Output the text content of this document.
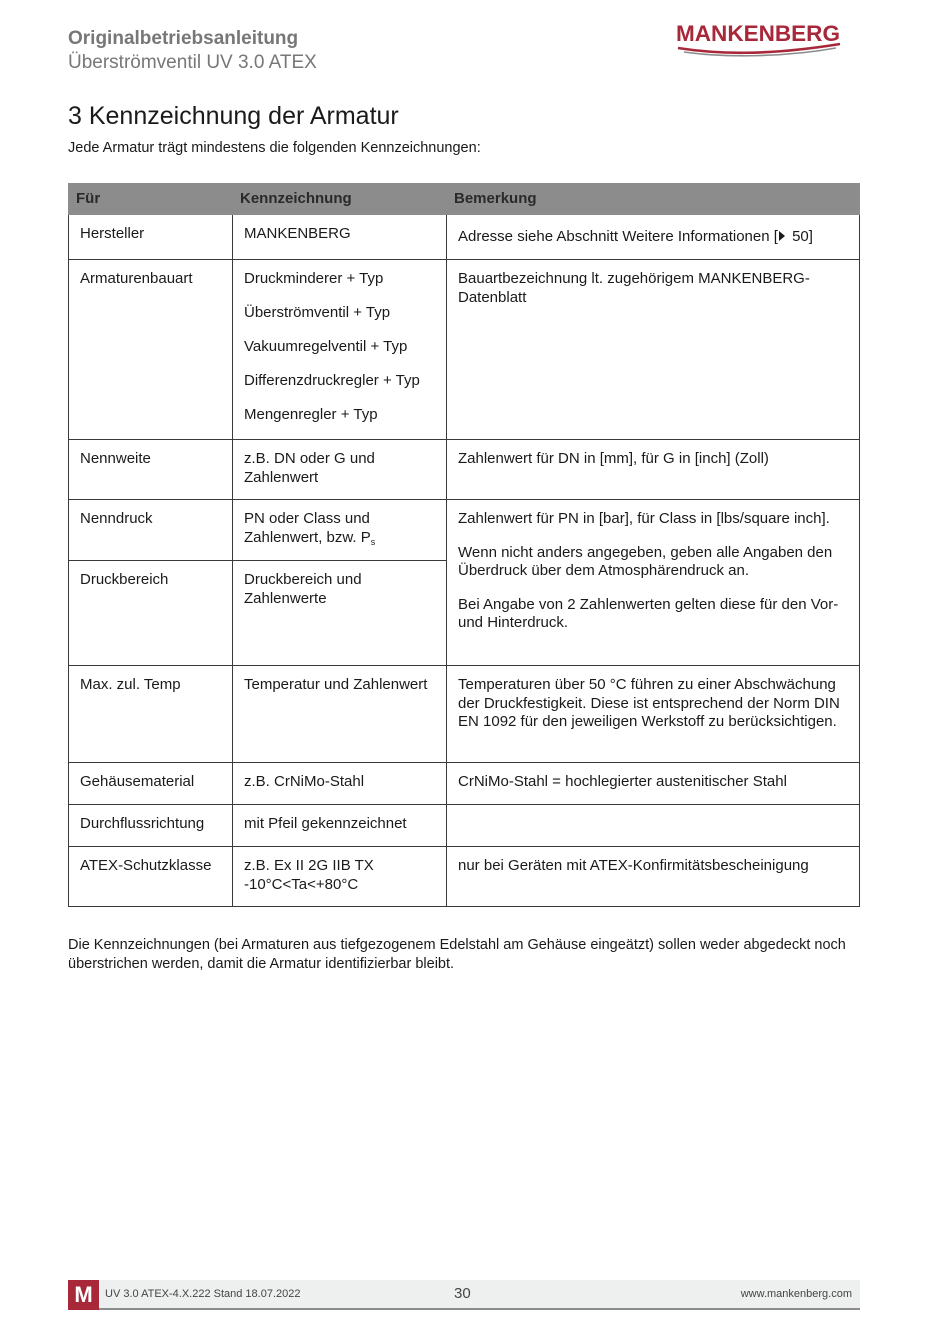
Originalbetriebsanleitung
Überströmventil UV 3.0 ATEX
MANKENBERG
3 Kennzeichnung der Armatur
Jede Armatur trägt mindestens die folgenden Kennzeichnungen:
Für	Kennzeichnung	Bemerkung
Hersteller	MANKENBERG	Adresse siehe Abschnitt Weitere Informationen [ 50]
Armaturenbauart	Druckminderer + Typ
Überströmventil + Typ
Vakuumregelventil + Typ
Differenzdruckregler + Typ
Mengenregler + Typ	Bauartbezeichnung lt. zugehörigem MANKENBERG-Datenblatt
Nennweite	z.B. DN oder G und Zahlenwert	Zahlenwert für DN in [mm], für G in [inch] (Zoll)
Nenndruck	PN oder Class und Zahlenwert, bzw. $P_s$	Zahlenwert für PN in [bar], für Class in [lbs/square inch].
Wenn nicht anders angegeben, geben alle Angaben den Überdruck über dem Atmosphärendruck an.
Bei Angabe von 2 Zahlenwerten gelten diese für den Vor- und Hinterdruck.

Druckbereich	Druckbereich und Zahlenwerte	
Max. zul. Temp	Temperatur und Zahlenwert	Temperaturen über 50 °C führen zu einer Abschwächung der Druckfestigkeit. Diese ist entsprechend der Norm DIN EN 1092 für den jeweiligen Werkstoff zu berücksichtigen.
Gehäusematerial	z.B. CrNiMo-Stahl	CrNiMo-Stahl = hochlegierter austenitischer Stahl
Durchflussrichtung	mit Pfeil gekennzeichnet	
ATEX-Schutzklasse	z.B. Ex II 2G IIB TX -10°C<Ta<+80°C	nur bei Geräten mit ATEX-Konfirmitätsbescheinigung
Die Kennzeichnungen (bei Armaturen aus tiefgezogenem Edelstahl am Gehäuse eingeätzt) sollen weder abgedeckt noch überstrichen werden, damit die Armatur identifizierbar bleibt.
M	UV 3.0 ATEX-4.X.222 Stand 18.07.2022	30	www.mankenberg.com
